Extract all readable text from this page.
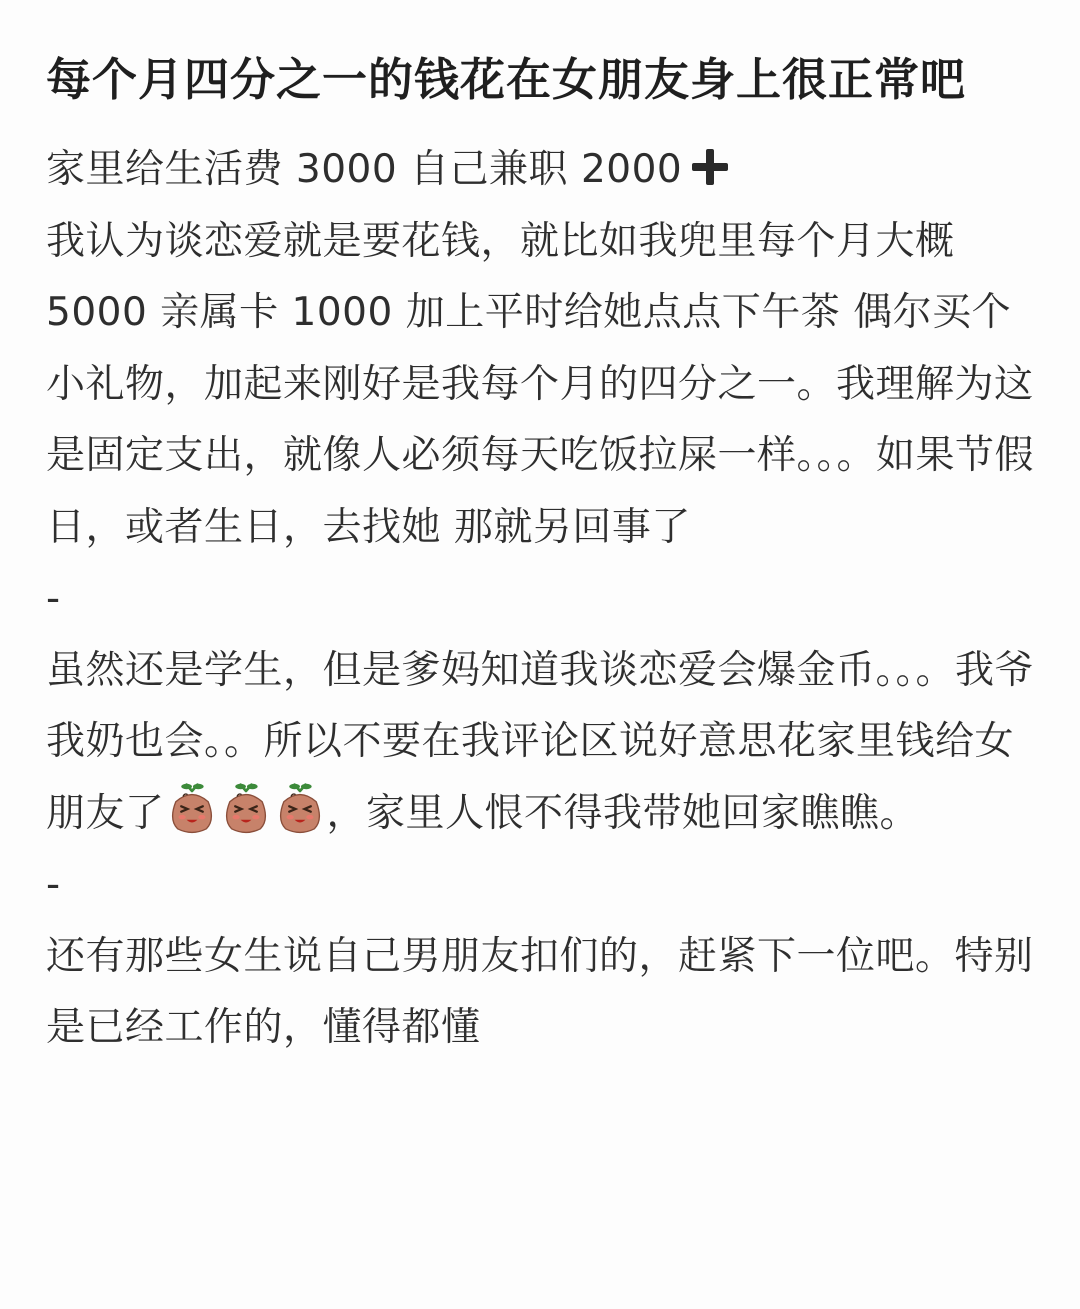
每个月四分之一的钱花在女朋友身上很正常吧

家里给生活费 3000 自己兼职 2000

我认为谈恋爱就是要花钱，就比如我兜里每个月大概 5000 亲属卡 1000 加上平时给她点点下午茶 偶尔买个小礼物，加起来刚好是我每个月的四分之一。我理解为这是固定支出，就像人必须每天吃饭拉屎一样。。。如果节假日，或者生日，去找她 那就另回事了

-

虽然还是学生，但是爹妈知道我谈恋爱会爆金币。。。我爷我奶也会。。所以不要在我评论区说好意思花家里钱给女朋友了	，家里人恨不得我带她回家瞧瞧。

-

还有那些女生说自己男朋友扣们的，赶紧下一位吧。特别是已经工作的，懂得都懂
